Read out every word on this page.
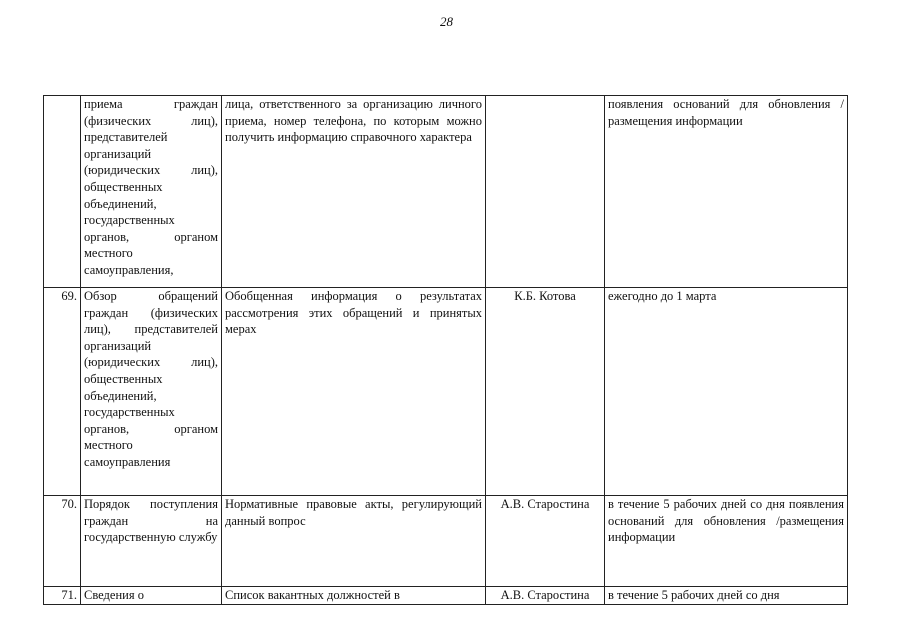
28
	приема граждан (физических лиц), представителей организаций (юридических лиц), общественных объединений, государственных органов, органом местного самоуправления,	лица, ответственного за организацию личного приема, номер телефона, по которым можно получить информацию справочного характера		появления оснований для обновления /размещения информации
69.	Обзор обращений граждан (физических лиц), представителей организаций (юридических лиц), общественных объединений, государственных органов, органом местного самоуправления	Обобщенная информация о результатах рассмотрения этих обращений и принятых мерах	К.Б. Котова	ежегодно до 1 марта
70.	Порядок поступления граждан на государственную службу	Нормативные правовые акты, регулирующий данный вопрос	А.В. Старостина	в течение 5 рабочих дней со дня появления оснований для обновления /размещения информации
71.	Сведения о	Список вакантных должностей в	А.В. Старостина	в течение 5 рабочих дней со дня
